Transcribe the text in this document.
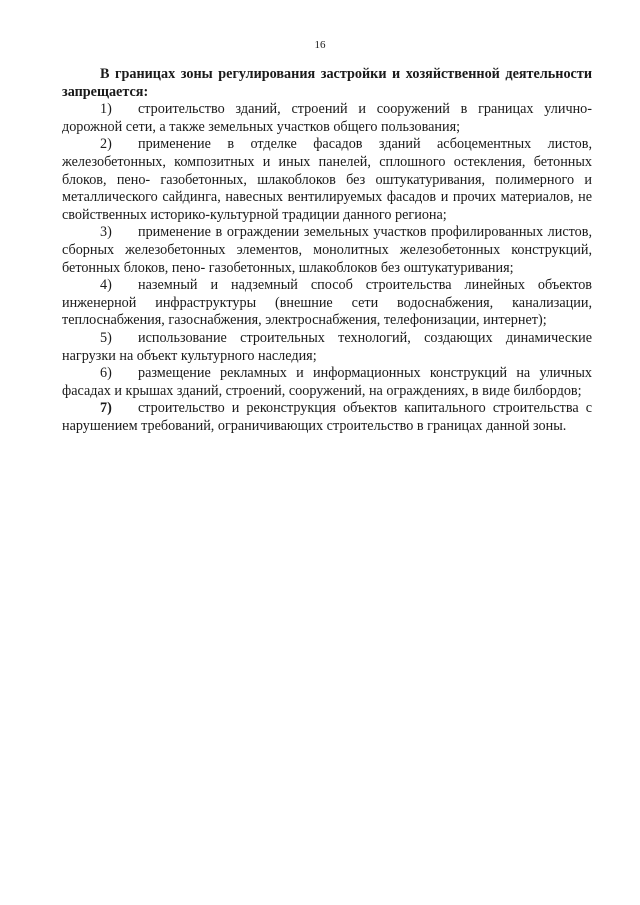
16

В границах зоны регулирования застройки и хозяйственной деятельности запрещается:

1) строительство зданий, строений и сооружений в границах улично-дорожной сети, а также земельных участков общего пользования;

2) применение в отделке фасадов зданий асбоцементных листов, железобетонных, композитных и иных панелей, сплошного остекления, бетонных блоков, пено- газобетонных, шлакоблоков без оштукатуривания, полимерного и металлического сайдинга, навесных вентилируемых фасадов и прочих материалов, не свойственных историко-культурной традиции данного региона;

3) применение в ограждении земельных участков профилированных листов, сборных железобетонных элементов, монолитных железобетонных конструкций, бетонных блоков, пено- газобетонных, шлакоблоков без оштукатуривания;

4) наземный и надземный способ строительства линейных объектов инженерной инфраструктуры (внешние сети водоснабжения, канализации, теплоснабжения, газоснабжения, электроснабжения, телефонизации, интернет);

5) использование строительных технологий, создающих динамические нагрузки на объект культурного наследия;

6) размещение рекламных и информационных конструкций на уличных фасадах и крышах зданий, строений, сооружений, на ограждениях, в виде билбордов;

7) строительство и реконструкция объектов капитального строительства с нарушением требований, ограничивающих строительство в границах данной зоны.
